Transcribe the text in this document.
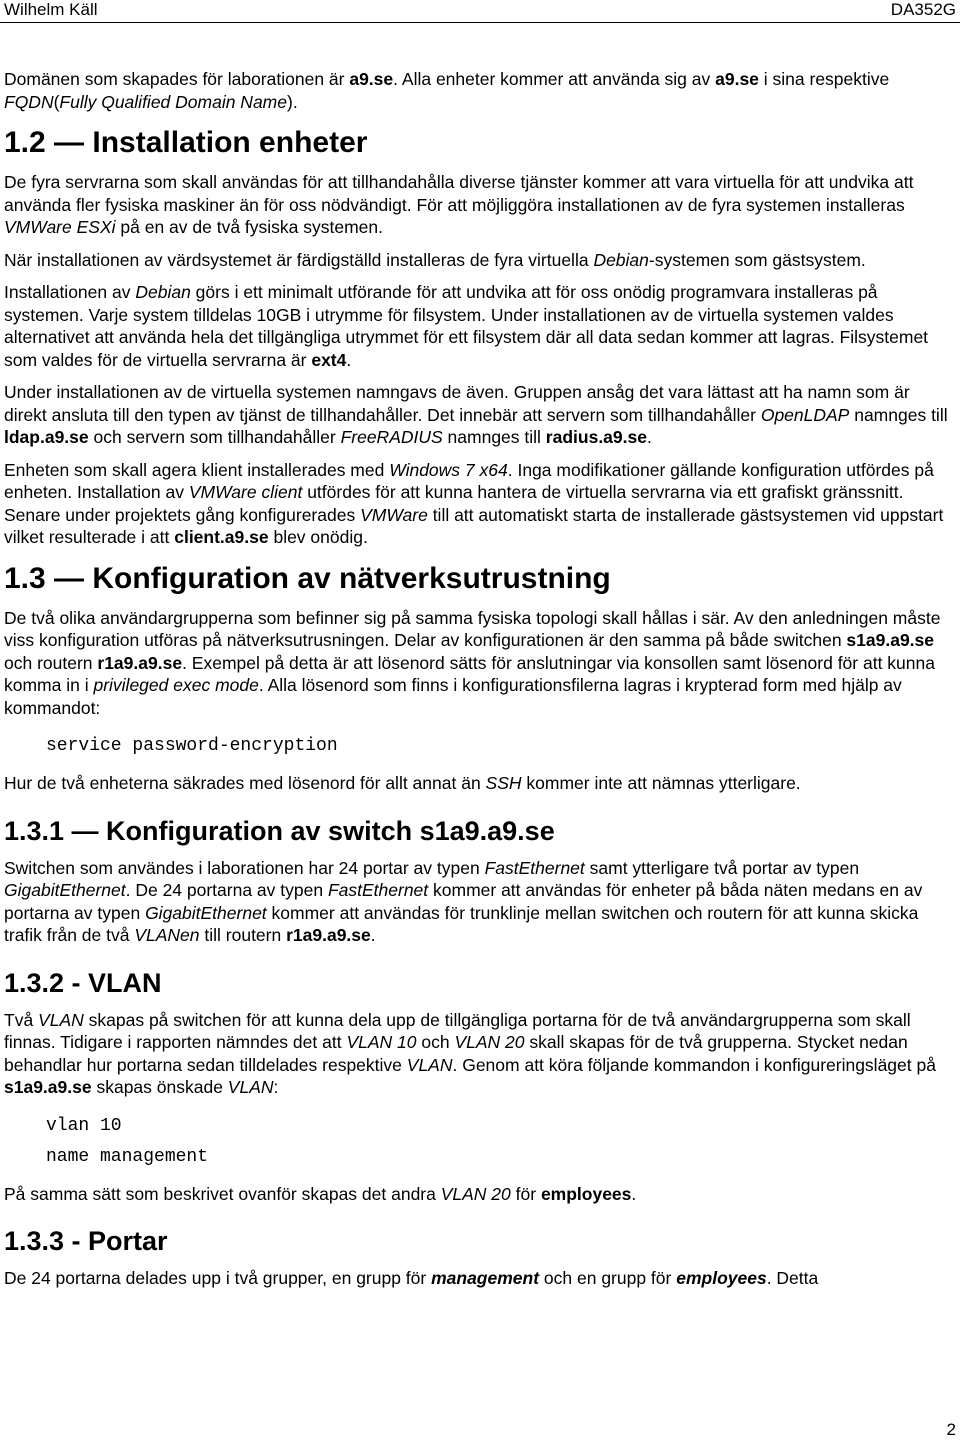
Wilhelm Käll	DA352G

Domänen som skapades för laborationen är a9.se. Alla enheter kommer att använda sig av a9.se i sina respektive FQDN(Fully Qualified Domain Name).

1.2 — Installation enheter

De fyra servrarna som skall användas för att tillhandahålla diverse tjänster kommer att vara virtuella för att undvika att använda fler fysiska maskiner än för oss nödvändigt. För att möjliggöra installationen av de fyra systemen installeras VMWare ESXi på en av de två fysiska systemen.

När installationen av värdsystemet är färdigställd installeras de fyra virtuella Debian-systemen som gästsystem.

Installationen av Debian görs i ett minimalt utförande för att undvika att för oss onödig programvara installeras på systemen. Varje system tilldelas 10GB i utrymme för filsystem. Under installationen av de virtuella systemen valdes alternativet att använda hela det tillgängliga utrymmet för ett filsystem där all data sedan kommer att lagras. Filsystemet som valdes för de virtuella servrarna är ext4.

Under installationen av de virtuella systemen namngavs de även. Gruppen ansåg det vara lättast att ha namn som är direkt ansluta till den typen av tjänst de tillhandahåller. Det innebär att servern som tillhandahåller OpenLDAP namnges till ldap.a9.se och servern som tillhandahåller FreeRADIUS namnges till radius.a9.se.

Enheten som skall agera klient installerades med Windows 7 x64. Inga modifikationer gällande konfiguration utfördes på enheten. Installation av VMWare client utfördes för att kunna hantera de virtuella servrarna via ett grafiskt gränssnitt. Senare under projektets gång konfigurerades VMWare till att automatiskt starta de installerade gästsystemen vid uppstart vilket resulterade i att client.a9.se blev onödig.

1.3 — Konfiguration av nätverksutrustning

De två olika användargrupperna som befinner sig på samma fysiska topologi skall hållas i sär. Av den anledningen måste viss konfiguration utföras på nätverksutrusningen. Delar av konfigurationen är den samma på både switchen s1a9.a9.se och routern r1a9.a9.se. Exempel på detta är att lösenord sätts för anslutningar via konsollen samt lösenord för att kunna komma in i privileged exec mode. Alla lösenord som finns i konfigurationsfilerna lagras i krypterad form med hjälp av kommandot:

service password-encryption

Hur de två enheterna säkrades med lösenord för allt annat än SSH kommer inte att nämnas ytterligare.

1.3.1 — Konfiguration av switch s1a9.a9.se

Switchen som användes i laborationen har 24 portar av typen FastEthernet samt ytterligare två portar av typen GigabitEthernet. De 24 portarna av typen FastEthernet kommer att användas för enheter på båda näten medans en av portarna av typen GigabitEthernet kommer att användas för trunklinje mellan switchen och routern för att kunna skicka trafik från de två VLANen till routern r1a9.a9.se.

1.3.2 - VLAN

Två VLAN skapas på switchen för att kunna dela upp de tillgängliga portarna för de två användargrupperna som skall finnas. Tidigare i rapporten nämndes det att VLAN 10 och VLAN 20 skall skapas för de två grupperna. Stycket nedan behandlar hur portarna sedan tilldelades respektive VLAN. Genom att köra följande kommandon i konfigureringsläget på s1a9.a9.se skapas önskade VLAN:

vlan 10
name management

På samma sätt som beskrivet ovanför skapas det andra VLAN 20 för employees.

1.3.3 - Portar

De 24 portarna delades upp i två grupper, en grupp för management och en grupp för employees. Detta

2
